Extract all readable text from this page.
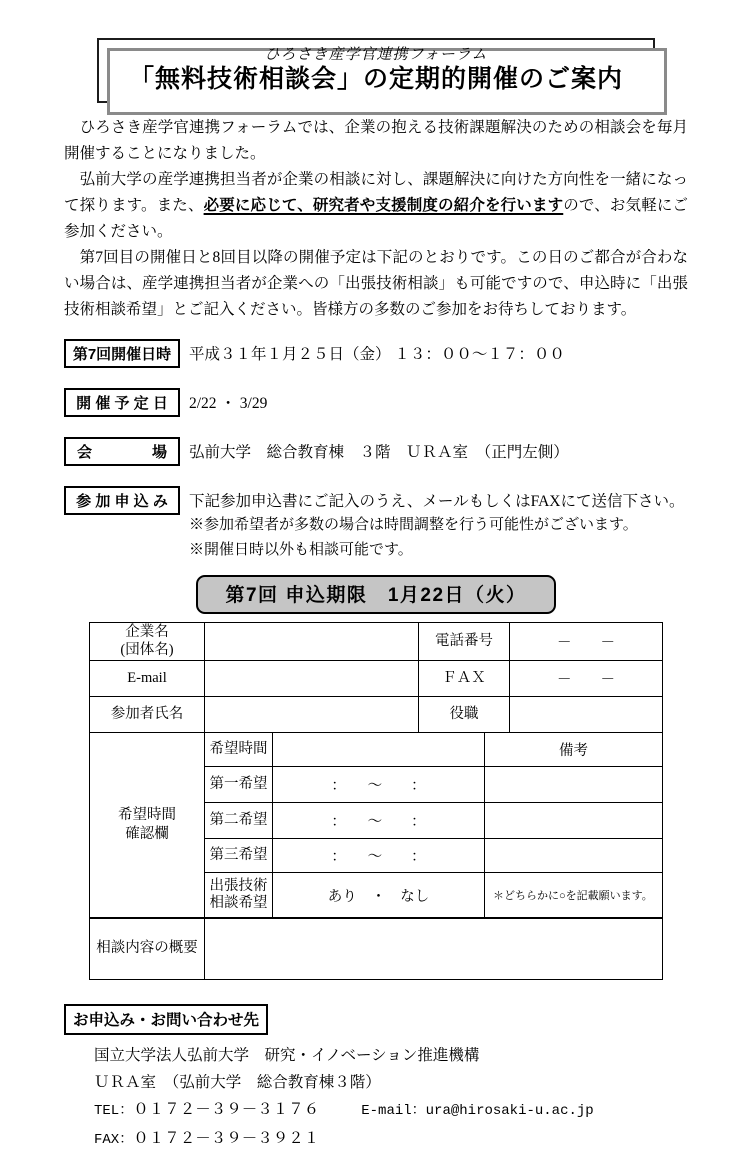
ひろさき産学官連携フォーラム
「無料技術相談会」の定期的開催のご案内

　ひろさき産学官連携フォーラムでは、企業の抱える技術課題解決のための相談会を毎月開催することになりました。

　弘前大学の産学連携担当者が企業の相談に対し、課題解決に向けた方向性を一緒になって探ります。また、必要に応じて、研究者や支援制度の紹介を行いますので、お気軽にご参加ください。

　第7回目の開催日と8回目以降の開催予定は下記のとおりです。この日のご都合が合わない場合は、産学連携担当者が企業への「出張技術相談」も可能ですので、申込時に「出張技術相談希望」とご記入ください。皆様方の多数のご参加をお待ちしております。

第7回開催日時	平成３１年１月２５日（金） １３：００～１７：００
開 催 予 定 日	2/22 ・ 3/29
会　　　　場	弘前大学　総合教育棟　３階　ＵＲＡ室　（正門左側）
参 加 申 込 み	下記参加申込書にご記入のうえ、メールもしくはFAXにて送信下さい。
※参加希望者が多数の場合は時間調整を行う可能性がございます。
※開催日時以外も相談可能です。
第7回 申込期限　1月22日（火）
企業名
(団体名)		電話番号	－　　－
E-mail		ＦＡＸ	－　　－
参加者氏名		役職	
希望時間
確認欄	希望時間		備考
	第一希望	：　　～　　：	
	第二希望	：　　～　　：	
	第三希望	：　　～　　：	

	出張技術
相談希望	あり　・　なし	＊どちらかに○を記載願います。
相談内容の概要	
お申込み・お問い合わせ先
国立大学法人弘前大学　研究・イノベーション推進機構
ＵＲＡ室　（弘前大学　総合教育棟３階）
TEL：０１７２－３９－３１７６	E-mail：ura@hirosaki-u.ac.jp
FAX：０１７２－３９－３９２１
